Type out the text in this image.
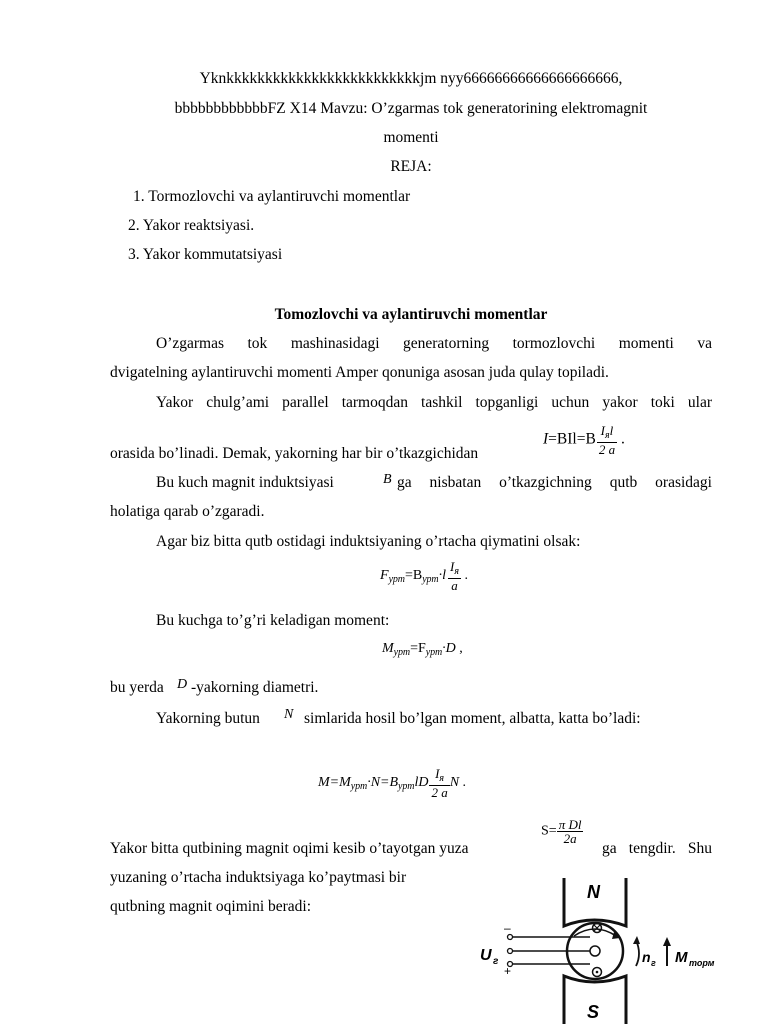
Yknkkkkkkkkkkkkkkkkkkkkkkkkkjm nyy66666666666666666666,
bbbbbbbbbbbbFZ X14 Mavzu: O’zgarmas tok generatorining elektromagnit
momenti
REJA:
1. Tormozlovchi va aylantiruvchi momentlar
2. Yakor reaktsiyasi.
3. Yakor kommutatsiyasi
Tomozlovchi va aylantiruvchi momentlar
O’zgarmas tok mashinasidagi generatorning tormozlovchi momenti va
dvigatelning aylantiruvchi momenti Amper qonuniga asosan juda qulay topiladi.
Yakor chulg’ami parallel tarmoqdan tashkil topganligi uchun yakor toki ular
orasida bo’linadi. Demak, yakorning har bir o’tkazgichidan
$I=BIl=B \frac{I_яl}{2 a}$ .
Bu kuch magnit induktsiyasi	B ga nisbatan o’tkazgichning qutb orasidagi
holatiga qarab o’zgaradi.
Agar biz bitta qutb ostidagi induktsiyaning o’rtacha qiymatini olsak:
$F_{урт}=B_{урт}\cdot l \frac{I_я}{a}$ .
Bu kuchga to’g’ri keladigan moment:
$M_{урт}=F_{урт}\cdot D$ ,
bu yerda D -yakorning diametri.
Yakorning butun N simlarida hosil bo’lgan moment, albatta, katta bo’ladi:
$M=M_{урт}\cdot N=B_{урт}lD \frac{I_я}{2 a}$ N .
Yakor bitta qutbining magnit oqimi kesib o’tayotgan yuza
$S= \frac{\text{π Dl}}{2a}$
ga tengdir. Shu
yuzaning o’rtacha induktsiyaga ko’paytmasi bir
qutbning magnit oqimini beradi:
N
S
–
+
U г	n г M торм
